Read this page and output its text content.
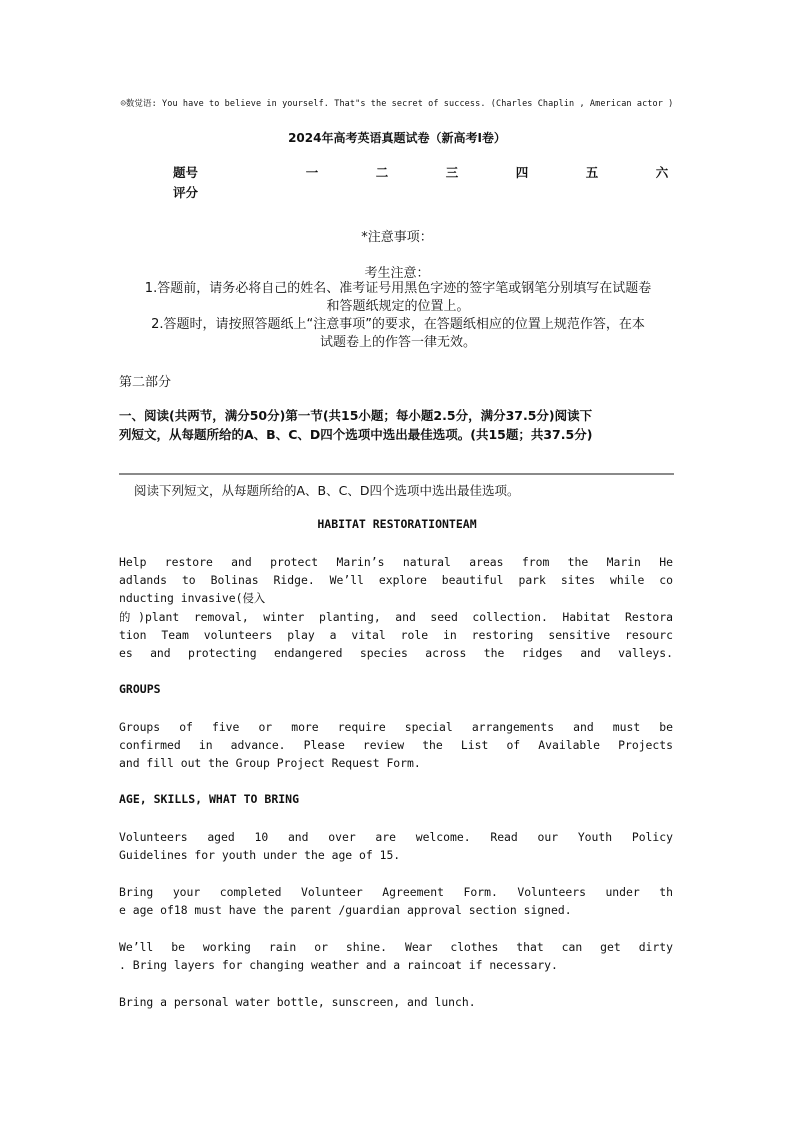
☺数觉语: You have to believe in yourself. That"s the secret of success. (Charles Chaplin , American actor )
2024年高考英语真题试卷（新高考Ⅰ卷）
题号	一	二	三	四	五	六
评分						
*注意事项：
考生注意：
1.答题前，请务必将自己的姓名、准考证号用黑色字迹的签字笔或钢笔分别填写在试题卷
和答题纸规定的位置上。
2.答题时，请按照答题纸上“注意事项”的要求，在答题纸相应的位置上规范作答，在本
试题卷上的作答一律无效。
第二部分
一、阅读(共两节，满分50分)第一节(共15小题；每小题2.5分，满分37.5分)阅读下
列短文，从每题所给的A、B、C、D四个选项中选出最佳选项。(共15题；共37.5分)
阅读下列短文，从每题所给的A、B、C、D四个选项中选出最佳选项。
HABITAT RESTORATIONTEAM
Help restore and protect Marin’s natural areas from the Marin He
adlands to Bolinas Ridge. We’ll explore beautiful park sites while co
nducting invasive(侵入
的)plant removal, winter planting, and seed collection. Habitat Restora
tion Team volunteers play a vital role in restoring sensitive resourc
es and protecting endangered species across the ridges and valleys.
GROUPS
Groups of five or more require special arrangements and must be
confirmed in advance. Please review the List of Available Projects
and fill out the Group Project Request Form.
AGE, SKILLS, WHAT TO BRING
Volunteers aged 10 and over are welcome. Read our Youth Policy
Guidelines for youth under the age of 15.
Bring your completed Volunteer Agreement Form. Volunteers under th
e age of18 must have the parent /guardian approval section signed.
We’ll be working rain or shine. Wear clothes that can get dirty
. Bring layers for changing weather and a raincoat if necessary.
Bring a personal water bottle, sunscreen, and lunch.
